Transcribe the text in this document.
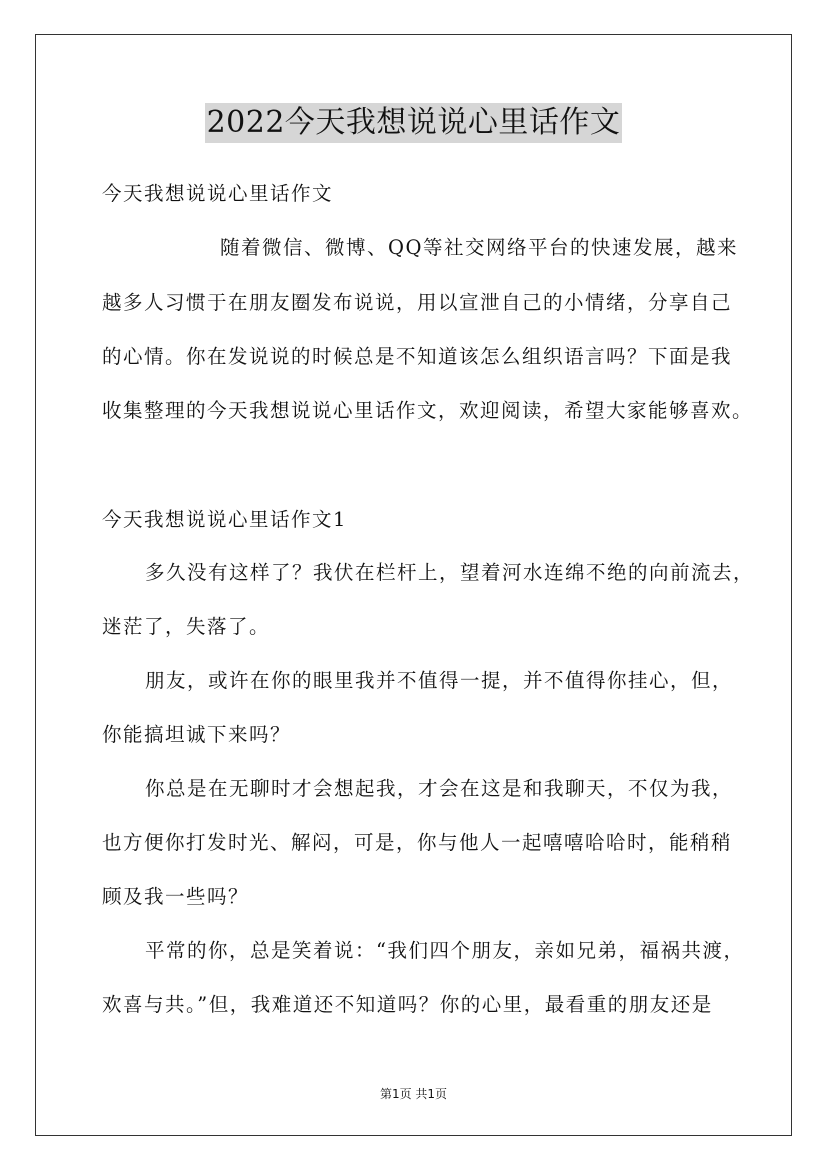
2022今天我想说说心里话作文
今天我想说说心里话作文
随着微信、微博、QQ等社交网络平台的快速发展，越来
越多人习惯于在朋友圈发布说说，用以宣泄自己的小情绪，分享自己
的心情。你在发说说的时候总是不知道该怎么组织语言吗？下面是我
收集整理的今天我想说说心里话作文，欢迎阅读，希望大家能够喜欢。
今天我想说说心里话作文1
多久没有这样了？我伏在栏杆上，望着河水连绵不绝的向前流去，
迷茫了，失落了。
朋友，或许在你的眼里我并不值得一提，并不值得你挂心，但，
你能搞坦诚下来吗？
你总是在无聊时才会想起我，才会在这是和我聊天，不仅为我，
也方便你打发时光、解闷，可是，你与他人一起嘻嘻哈哈时，能稍稍
顾及我一些吗？
平常的你，总是笑着说：“我们四个朋友，亲如兄弟，福祸共渡，
欢喜与共。”但，我难道还不知道吗？你的心里，最看重的朋友还是
第1页 共1页
